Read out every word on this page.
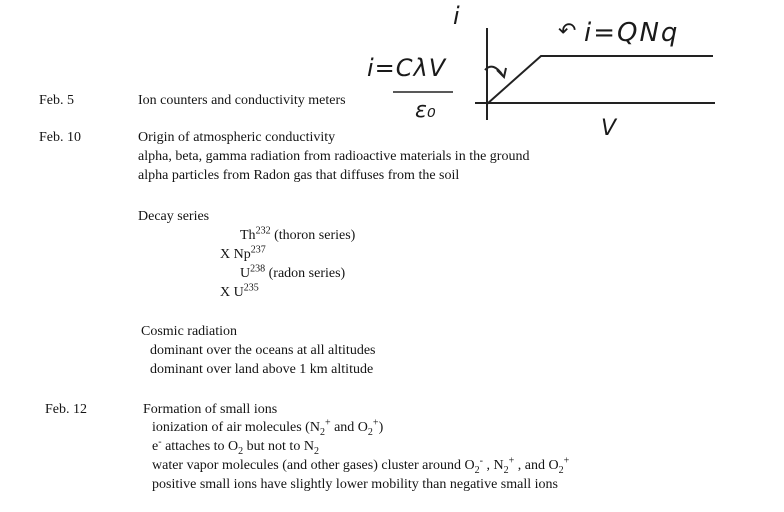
i
V
↶ i=QNq
i=CλV
ε₀
Feb. 5	Ion counters and conductivity meters
Feb. 10	Origin of atmospheric conductivity
alpha, beta, gamma radiation from radioactive materials in the ground
alpha particles from Radon gas that diffuses from the soil
Decay series
Th$^{232}$ (thoron series)
X Np$^{237}$
$U^{238}$ (radon series)
X $U^{235}$
Cosmic radiation
dominant over the oceans at all altitudes
dominant over land above 1 km altitude
Feb. 12	Formation of small ions
ionization of air molecules ($N_2^+$ and $O_2^+$)
e- attaches to $O_2$ but not to $N_2$
water vapor molecules (and other gases) cluster around $O_2^-$ , $N_2^+$ , and $O_2^+$
positive small ions have slightly lower mobility than negative small ions
